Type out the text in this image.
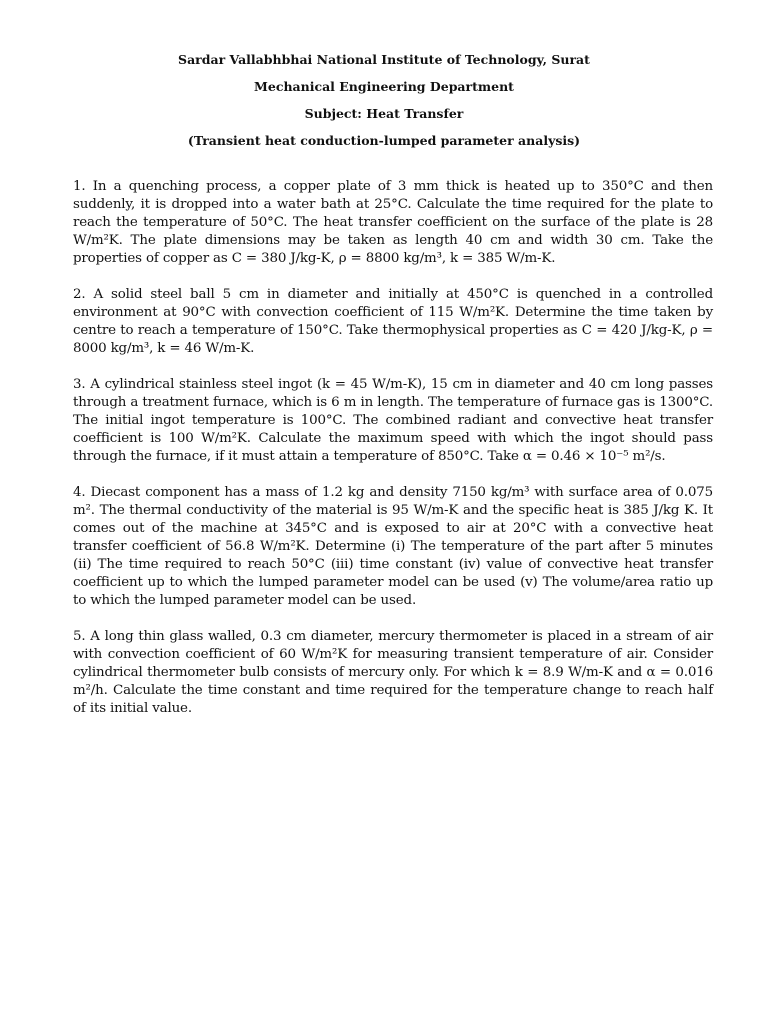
Sardar Vallabhbhai National Institute of Technology, Surat
Mechanical Engineering Department
Subject: Heat Transfer
(Transient heat conduction-lumped parameter analysis)

1. In a quenching process, a copper plate of 3 mm thick is heated up to 350°C and then suddenly, it is dropped into a water bath at 25°C. Calculate the time required for the plate to reach the temperature of 50°C. The heat transfer coefficient on the surface of the plate is 28 W/m²K. The plate dimensions may be taken as length 40 cm and width 30 cm. Take the properties of copper as C = 380 J/kg-K, ρ = 8800 kg/m³, k = 385 W/m-K.

2. A solid steel ball 5 cm in diameter and initially at 450°C is quenched in a controlled environment at 90°C with convection coefficient of 115 W/m²K. Determine the time taken by centre to reach a temperature of 150°C. Take thermophysical properties as C = 420 J/kg-K, ρ = 8000 kg/m³, k = 46 W/m-K.

3. A cylindrical stainless steel ingot (k = 45 W/m-K), 15 cm in diameter and 40 cm long passes through a treatment furnace, which is 6 m in length. The temperature of furnace gas is 1300°C. The initial ingot temperature is 100°C. The combined radiant and convective heat transfer coefficient is 100 W/m²K. Calculate the maximum speed with which the ingot should pass through the furnace, if it must attain a temperature of 850°C. Take α = 0.46 × 10⁻⁵ m²/s.

4. Diecast component has a mass of 1.2 kg and density 7150 kg/m³ with surface area of 0.075 m². The thermal conductivity of the material is 95 W/m-K and the specific heat is 385 J/kg K. It comes out of the machine at 345°C and is exposed to air at 20°C with a convective heat transfer coefficient of 56.8 W/m²K. Determine (i) The temperature of the part after 5 minutes (ii) The time required to reach 50°C (iii) time constant (iv) value of convective heat transfer coefficient up to which the lumped parameter model can be used (v) The volume/area ratio up to which the lumped parameter model can be used.

5. A long thin glass walled, 0.3 cm diameter, mercury thermometer is placed in a stream of air with convection coefficient of 60 W/m²K for measuring transient temperature of air. Consider cylindrical thermometer bulb consists of mercury only. For which k = 8.9 W/m-K and α = 0.016 m²/h. Calculate the time constant and time required for the temperature change to reach half of its initial value.
